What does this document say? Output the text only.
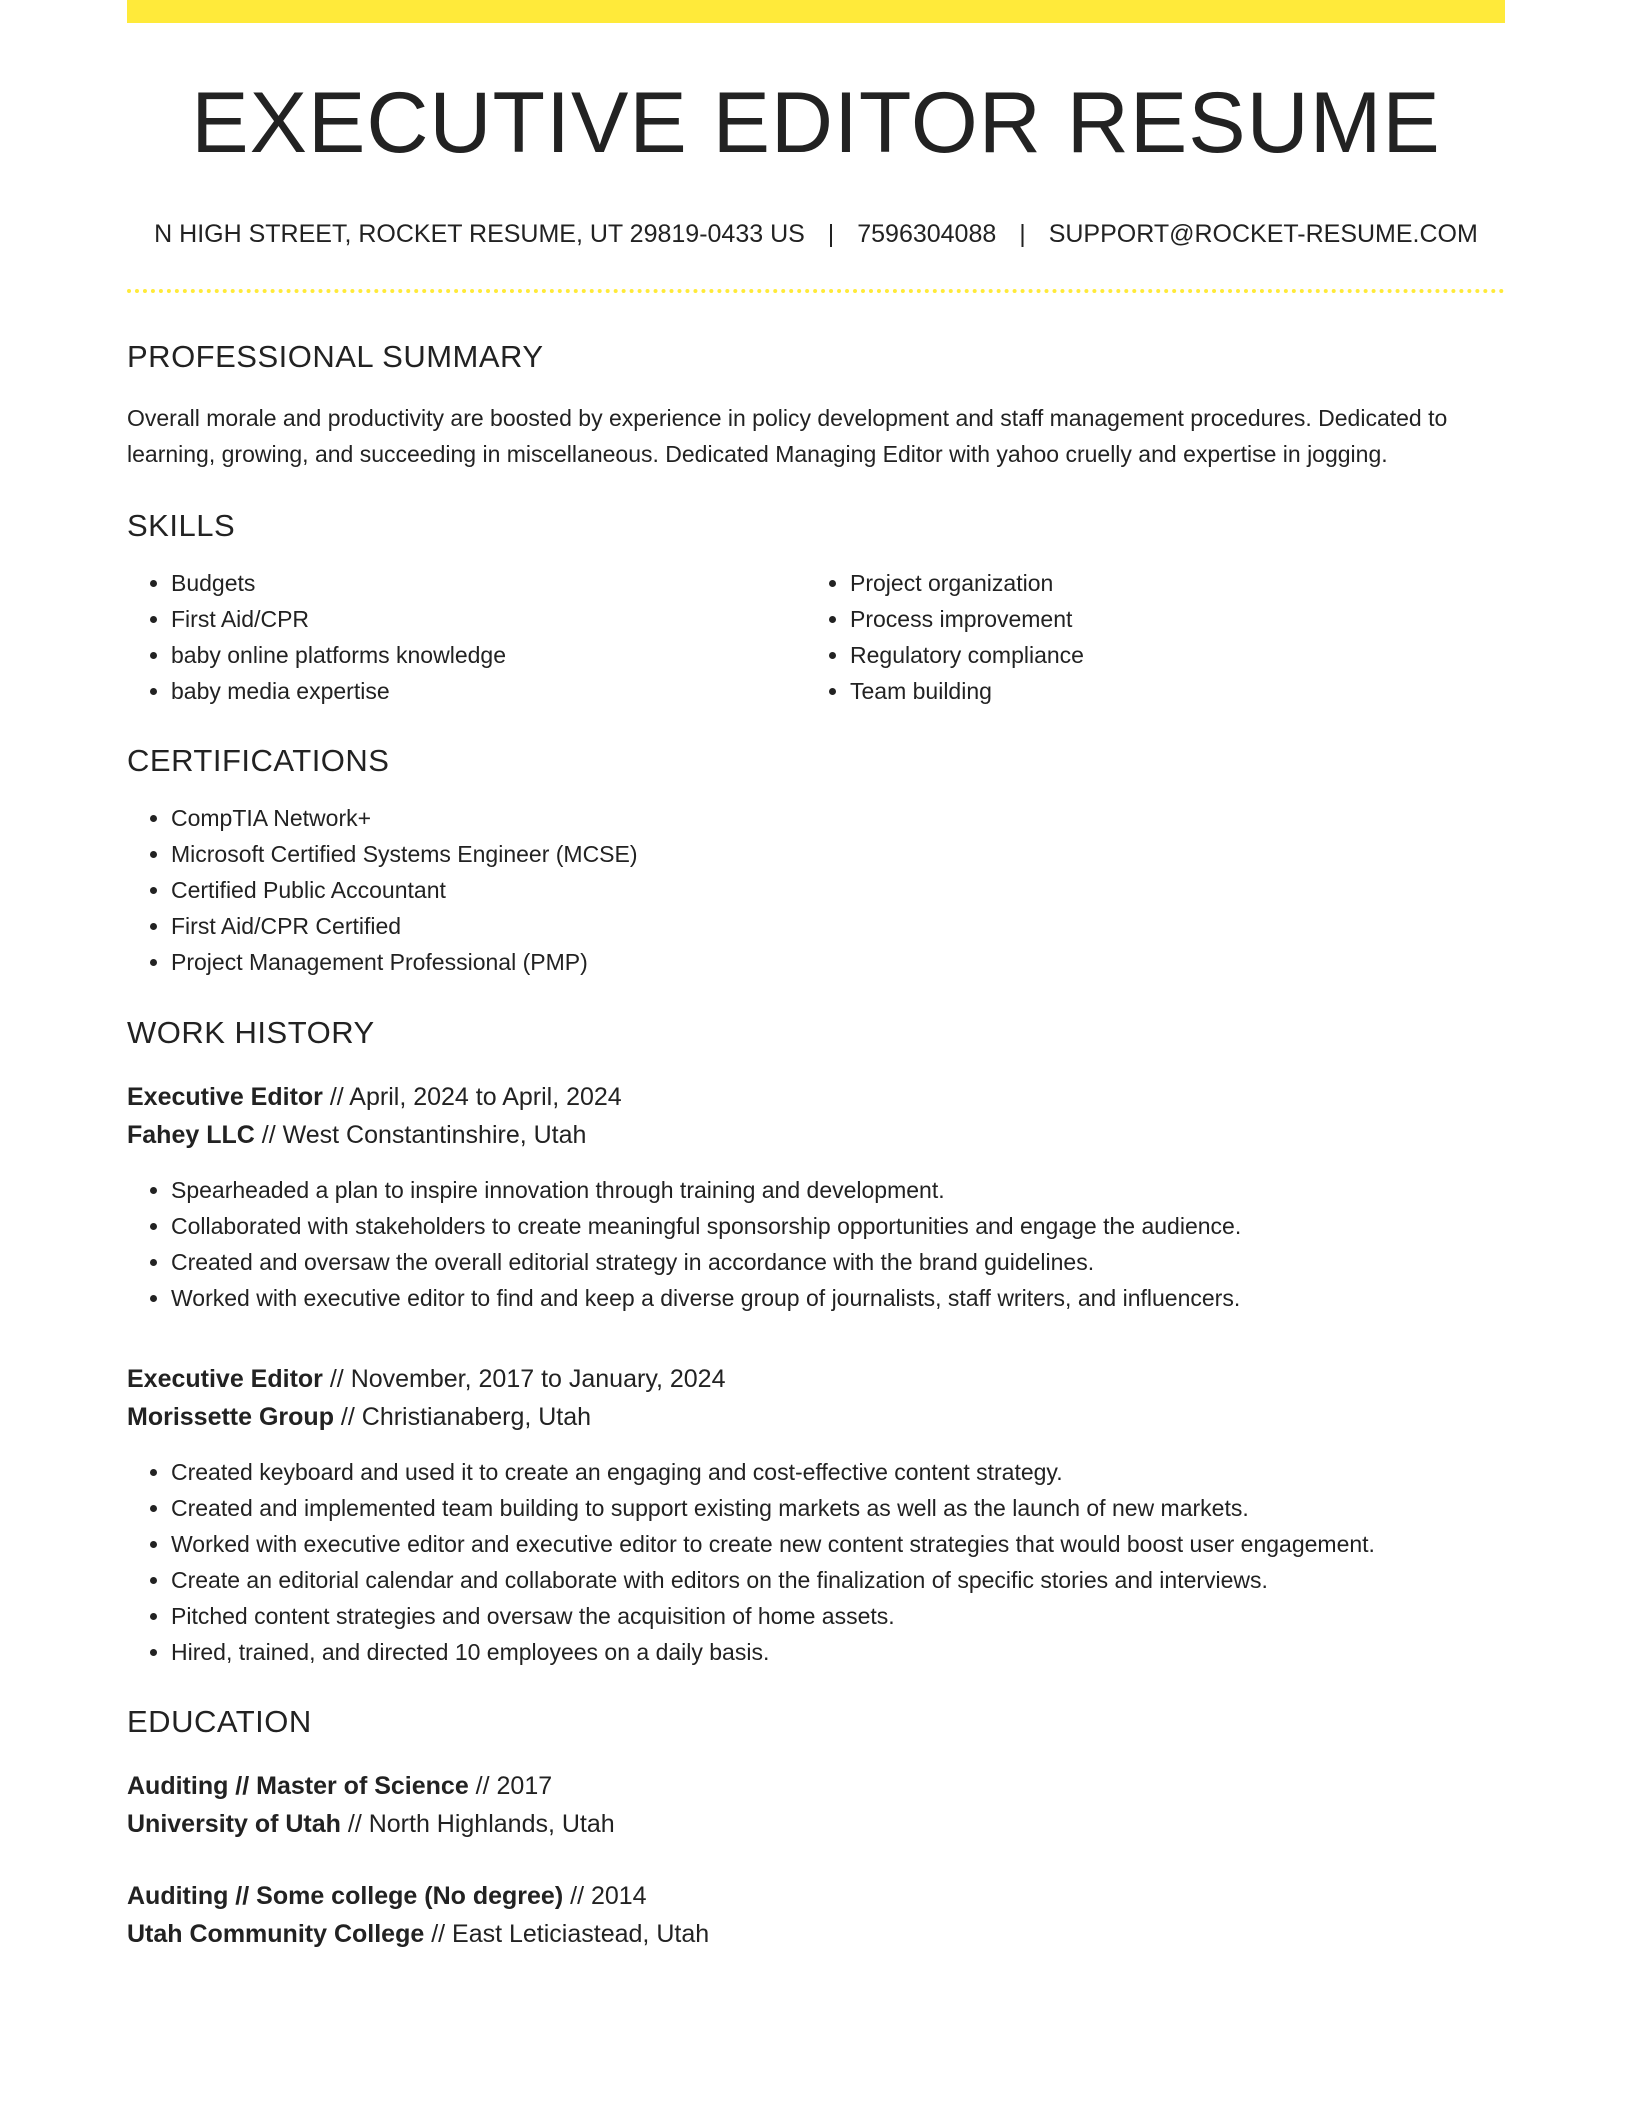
EXECUTIVE EDITOR RESUME
N HIGH STREET, ROCKET RESUME, UT 29819-0433 US | 7596304088 | SUPPORT@ROCKET-RESUME.COM
PROFESSIONAL SUMMARY
Overall morale and productivity are boosted by experience in policy development and staff management procedures. Dedicated to learning, growing, and succeeding in miscellaneous. Dedicated Managing Editor with yahoo cruelly and expertise in jogging.
SKILLS
• Budgets
• First Aid/CPR
• baby online platforms knowledge
• baby media expertise
• Project organization
• Process improvement
• Regulatory compliance
• Team building
CERTIFICATIONS
• CompTIA Network+
• Microsoft Certified Systems Engineer (MCSE)
• Certified Public Accountant
• First Aid/CPR Certified
• Project Management Professional (PMP)
WORK HISTORY
Executive Editor // April, 2024 to April, 2024
Fahey LLC // West Constantinshire, Utah
• Spearheaded a plan to inspire innovation through training and development.
• Collaborated with stakeholders to create meaningful sponsorship opportunities and engage the audience.
• Created and oversaw the overall editorial strategy in accordance with the brand guidelines.
• Worked with executive editor to find and keep a diverse group of journalists, staff writers, and influencers.
Executive Editor // November, 2017 to January, 2024
Morissette Group // Christianaberg, Utah
• Created keyboard and used it to create an engaging and cost-effective content strategy.
• Created and implemented team building to support existing markets as well as the launch of new markets.
• Worked with executive editor and executive editor to create new content strategies that would boost user engagement.
• Create an editorial calendar and collaborate with editors on the finalization of specific stories and interviews.
• Pitched content strategies and oversaw the acquisition of home assets.
• Hired, trained, and directed 10 employees on a daily basis.
EDUCATION
Auditing // Master of Science // 2017
University of Utah // North Highlands, Utah
Auditing // Some college (No degree) // 2014
Utah Community College // East Leticiastead, Utah
